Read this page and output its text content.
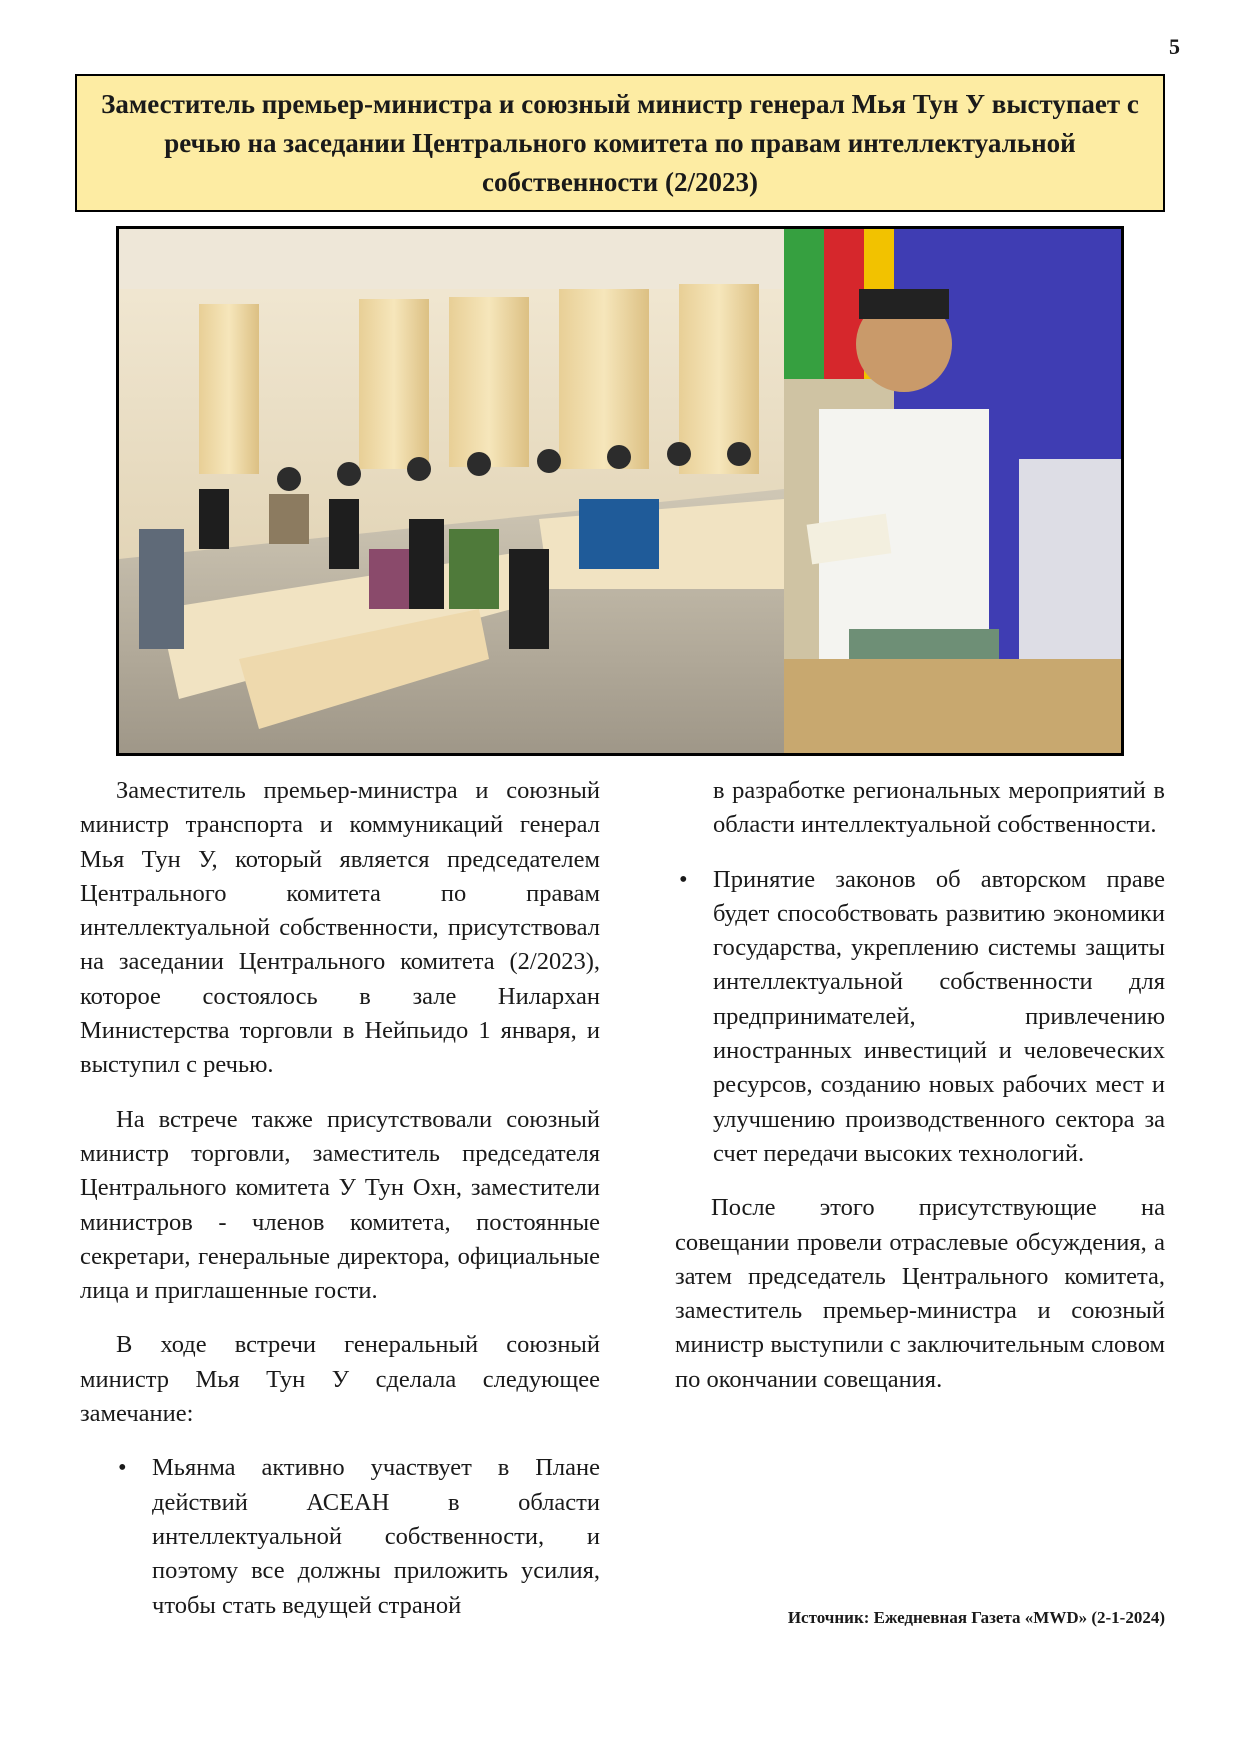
5
Заместитель премьер-министра и союзный министр генерал Мья Тун У выступает с речью на заседании Центрального комитета по правам интеллектуальной собственности (2/2023)

Заместитель премьер-министра и союзный министр транспорта и коммуникаций генерал Мья Тун У, который является председателем Центрального комитета по правам интеллектуальной собственности, присутствовал на заседании Центрального комитета (2/2023), которое состоялось в зале Нилархан Министерства торговли в Нейпьидо 1 января, и выступил с речью.

На встрече также присутствовали союзный министр торговли, заместитель председателя Центрального комитета У Тун Охн, заместители министров - членов комитета, постоянные секретари, генеральные директора, официальные лица и приглашенные гости.

В ходе встречи генеральный союзный министр Мья Тун У сделала следующее замечание:

• Мьянма активно участвует в Плане действий АСЕАН в области интеллектуальной собственности, и поэтому все должны приложить усилия, чтобы стать ведущей страной

в разработке региональных мероприятий в области интеллектуальной собственности.

• Принятие законов об авторском праве будет способствовать развитию экономики государства, укреплению системы защиты интеллектуальной собственности для предпринимателей, привлечению иностранных инвестиций и человеческих ресурсов, созданию новых рабочих мест и улучшению производственного сектора за счет передачи высоких технологий.

После этого присутствующие на совещании провели отраслевые обсуждения, а затем председатель Центрального комитета, заместитель премьер-министра и союзный министр выступили с заключительным словом по окончании совещания.

Источник: Ежедневная Газета «MWD» (2-1-2024)
